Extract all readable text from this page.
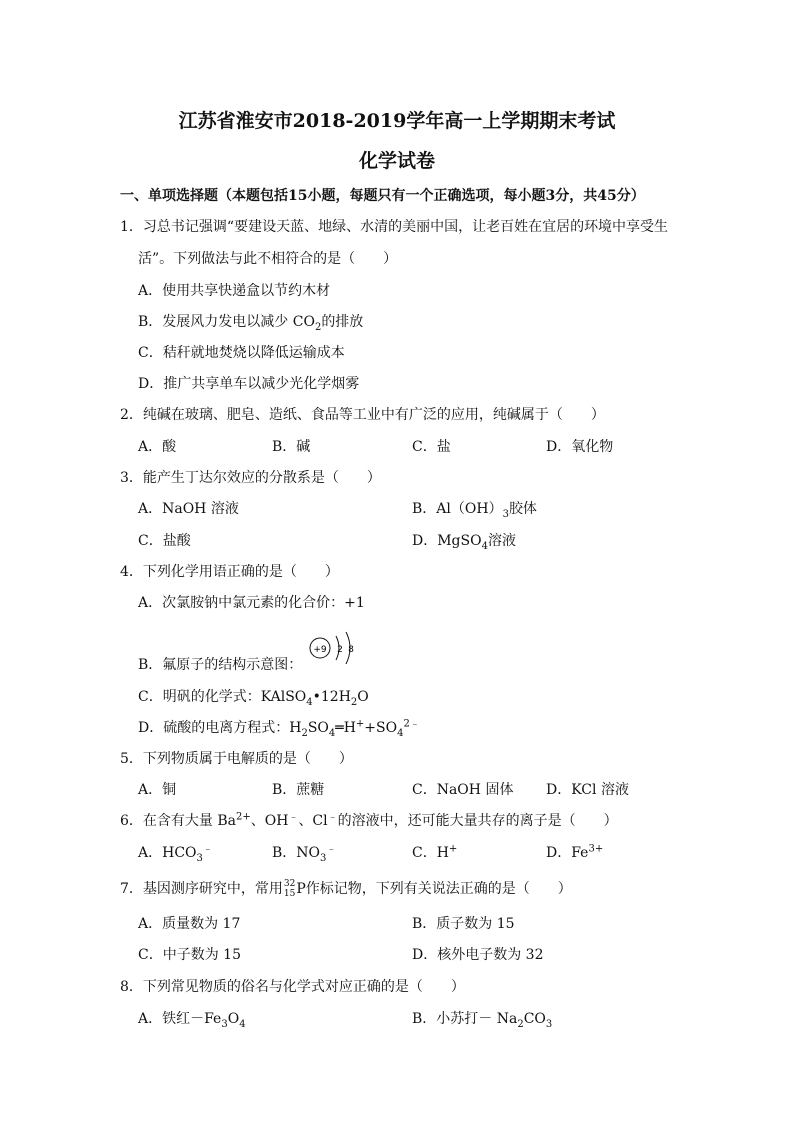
江苏省淮安市2018-2019学年高一上学期期末考试
化学试卷
一、单项选择题（本题包括15小题，每题只有一个正确选项，每小题3分，共45分）
1．习总书记强调“要建设天蓝、地绿、水清的美丽中国，让老百姓在宜居的环境中享受生
活”。下列做法与此不相符合的是（　　）
A．使用共享快递盒以节约木材
B．发展风力发电以减少 $CO_2$的排放
C．秸秆就地焚烧以降低运输成本
D．推广共享单车以减少光化学烟雾
2．纯碱在玻璃、肥皂、造纸、食品等工业中有广泛的应用，纯碱属于（　　）
A．酸	B．碱	C．盐	D．氧化物
3．能产生丁达尔效应的分散系是（　　）
A．NaOH 溶液	B．$Al(OH)_3$胶体
C．盐酸	D．MgSO$_4$溶液
4．下列化学用语正确的是（　　）
A．次氯胺钠中氯元素的化合价：+1
B．氟原子的结构示意图：
+9 2 8
C．明矾的化学式：$KAlSO_4•12H_2O$
D．硫酸的电离方程式：$H_2SO_4═H^++SO_4^{2﹣}$
5．下列物质属于电解质的是（　　）
A．铜	B．蔗糖	C．NaOH 固体 D．KCl 溶液
6．在含有大量 $Ba^{2+}$、OH﹣、Cl﹣的溶液中，还可能大量共存的离子是（　　）
A．$HCO_3^﹣$	B．$NO_3^﹣$	C．H+	D．$Fe^{3+}$
7．基因测序研究中，常用 32
15 P作标记物，下列有关说法正确的是（　　）
A．质量数为 17	B．质子数为 15
C．中子数为 15	D．核外电子数为 32
8．下列常见物质的俗名与化学式对应正确的是（　　）
A．铁红$-Fe_3O_4$	B．小苏打－ $Na_2CO_3$
